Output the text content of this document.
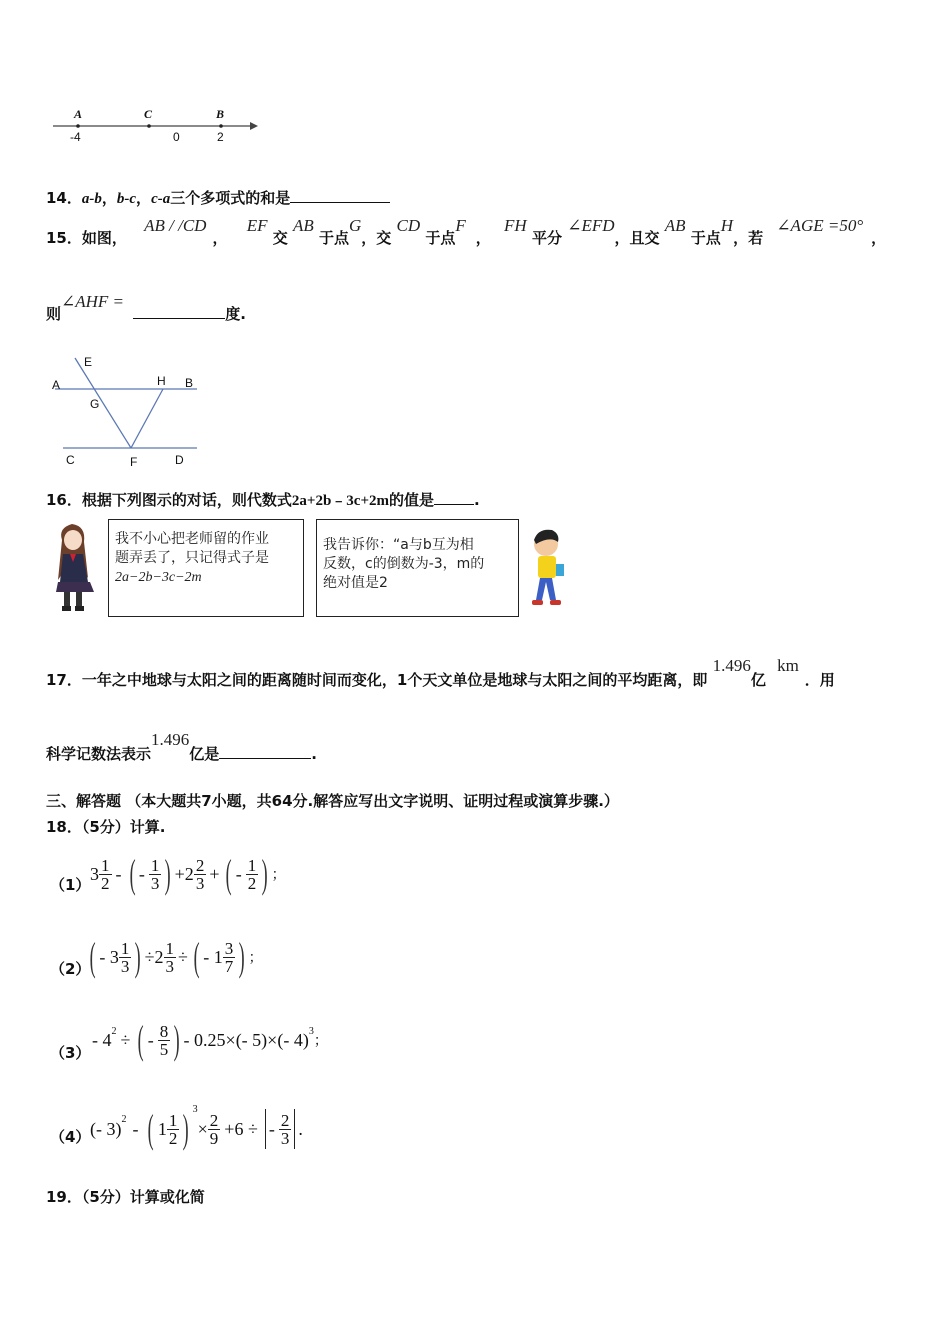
A	C	B
-4	0	2
14．a-b，b-c，c-a三个多项式的和是
15．如图， AB / /CD， EF 交 AB 于点G，交 CD 于点F， FH 平分 ∠EFD，且交 AB 于点H，若 ∠AGE =50°，
则∠AHF = 度.
E
A	H B
G
C	F	D
16．根据下列图示的对话，则代数式2a+2b﹣3c+2m的值是	.
我不小心把老师留的作业
题弄丢了，只记得式子是
2a−2b−3c−2m
我告诉你：“a与b互为相
反数，c的倒数为-3，m的
绝对值是2
17．一年之中地球与太阳之间的距离随时间而变化，1个天文单位是地球与太阳之间的平均距离，即 1.496亿 km．用
科学记数法表示1.496亿是	.
三、解答题 （本大题共7小题，共64分.解答应写出文字说明、证明过程或演算步骤.）
18．（5分）计算.
（1）
$3 \frac{1}{2}$ - ( - $\frac{1}{3}$ ) $+2 \frac{2}{3}$ + ( - $\frac{1}{2}$ ) ；
（2） ( - $3 \frac{1}{3}$ ) $\div 2 \frac{1}{3}$ ÷ ( - $1 \frac{3}{7}$ ) ；
（3）
- $4^2$ ÷ ( - $\frac{8}{5}$ ) - 0.25×(- 5)×(- 4)$^3$
；
（4） (- 3)$^2$ - ( $1 \frac{1}{2}$ ) $^3$
× $\frac{2}{9} +6$ ÷ - $\frac{2}{3}$ .
19．（5分）计算或化简
